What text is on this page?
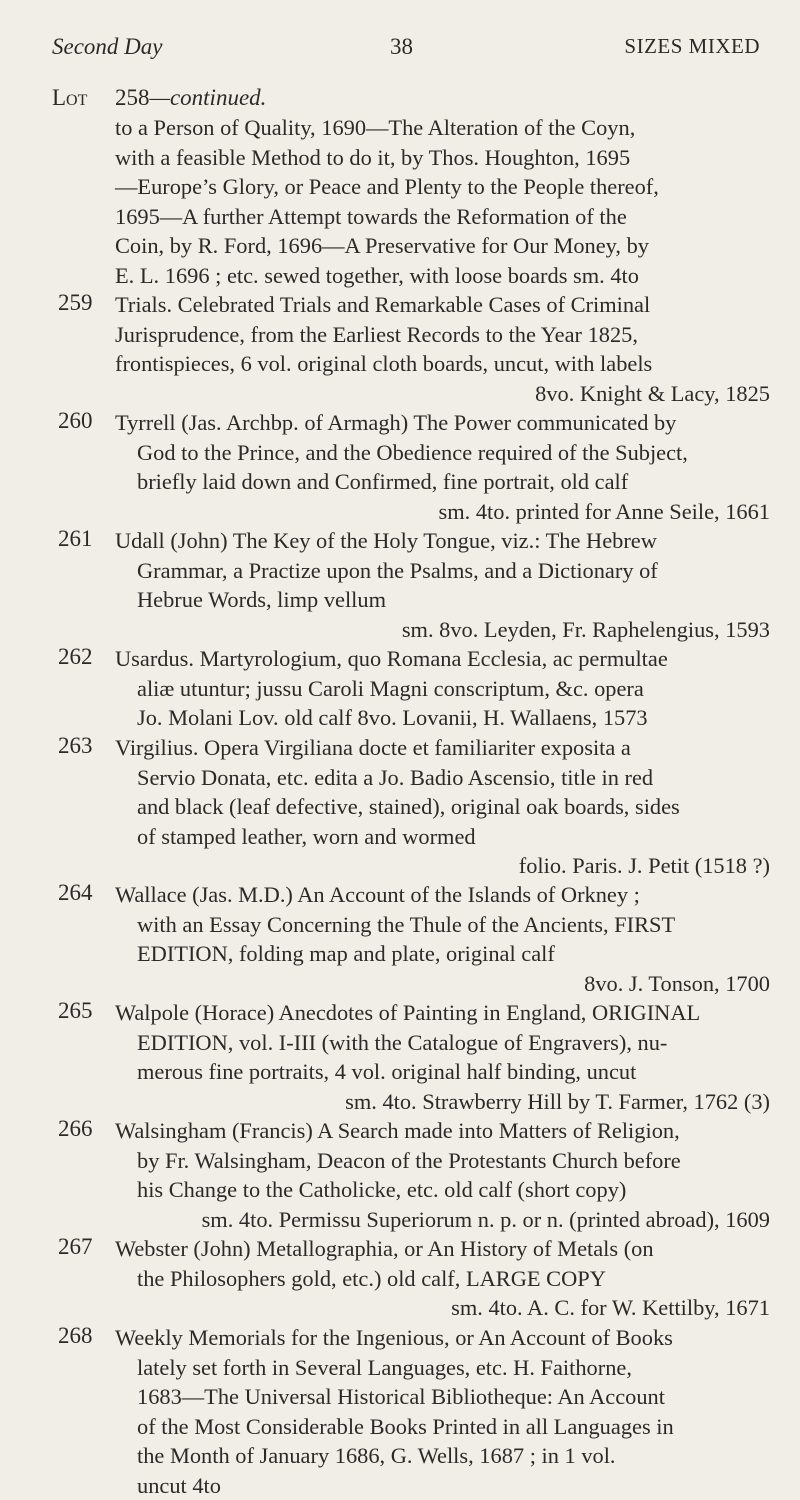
Second Day	38	SIZES MIXED
Lot 258—continued.
to a Person of Quality, 1690—The Alteration of the Coyn,
with a feasible Method to do it, by Thos. Houghton, 1695
—Europe’s Glory, or Peace and Plenty to the People thereof,
1695—A further Attempt towards the Reformation of the
Coin, by R. Ford, 1696—A Preservative for Our Money, by
E. L. 1696 ; etc. sewed together, with loose boards sm. 4to
259 Trials. Celebrated Trials and Remarkable Cases of Criminal
Jurisprudence, from the Earliest Records to the Year 1825,
frontispieces, 6 vol. original cloth boards, uncut, with labels
8vo. Knight & Lacy, 1825
260 Tyrrell (Jas. Archbp. of Armagh) The Power communicated by
God to the Prince, and the Obedience required of the Subject,
briefly laid down and Confirmed, fine portrait, old calf
sm. 4to. printed for Anne Seile, 1661
261 Udall (John) The Key of the Holy Tongue, viz.: The Hebrew
Grammar, a Practize upon the Psalms, and a Dictionary of
Hebrue Words, limp vellum
sm. 8vo. Leyden, Fr. Raphelengius, 1593
262 Usardus. Martyrologium, quo Romana Ecclesia, ac permultae
aliæ utuntur; jussu Caroli Magni conscriptum, &c. opera
Jo. Molani Lov. old calf 8vo. Lovanii, H. Wallaens, 1573
263 Virgilius. Opera Virgiliana docte et familiariter exposita a
Servio Donata, etc. edita a Jo. Badio Ascensio, title in red
and black (leaf defective, stained), original oak boards, sides
of stamped leather, worn and wormed
folio. Paris. J. Petit (1518 ?)
264 Wallace (Jas. M.D.) An Account of the Islands of Orkney ;
with an Essay Concerning the Thule of the Ancients, FIRST
EDITION, folding map and plate, original calf
8vo. J. Tonson, 1700
265 Walpole (Horace) Anecdotes of Painting in England, ORIGINAL
EDITION, vol. I-III (with the Catalogue of Engravers), nu-
merous fine portraits, 4 vol. original half binding, uncut
sm. 4to. Strawberry Hill by T. Farmer, 1762 (3)
266 Walsingham (Francis) A Search made into Matters of Religion,
by Fr. Walsingham, Deacon of the Protestants Church before
his Change to the Catholicke, etc. old calf (short copy)
sm. 4to. Permissu Superiorum n. p. or n. (printed abroad), 1609
267 Webster (John) Metallographia, or An History of Metals (on
the Philosophers gold, etc.) old calf, LARGE COPY
sm. 4to. A. C. for W. Kettilby, 1671
268 Weekly Memorials for the Ingenious, or An Account of Books
lately set forth in Several Languages, etc. H. Faithorne,
1683—The Universal Historical Bibliotheque: An Account
of the Most Considerable Books Printed in all Languages in
the Month of January 1686, G. Wells, 1687 ; in 1 vol.
uncut 4to
